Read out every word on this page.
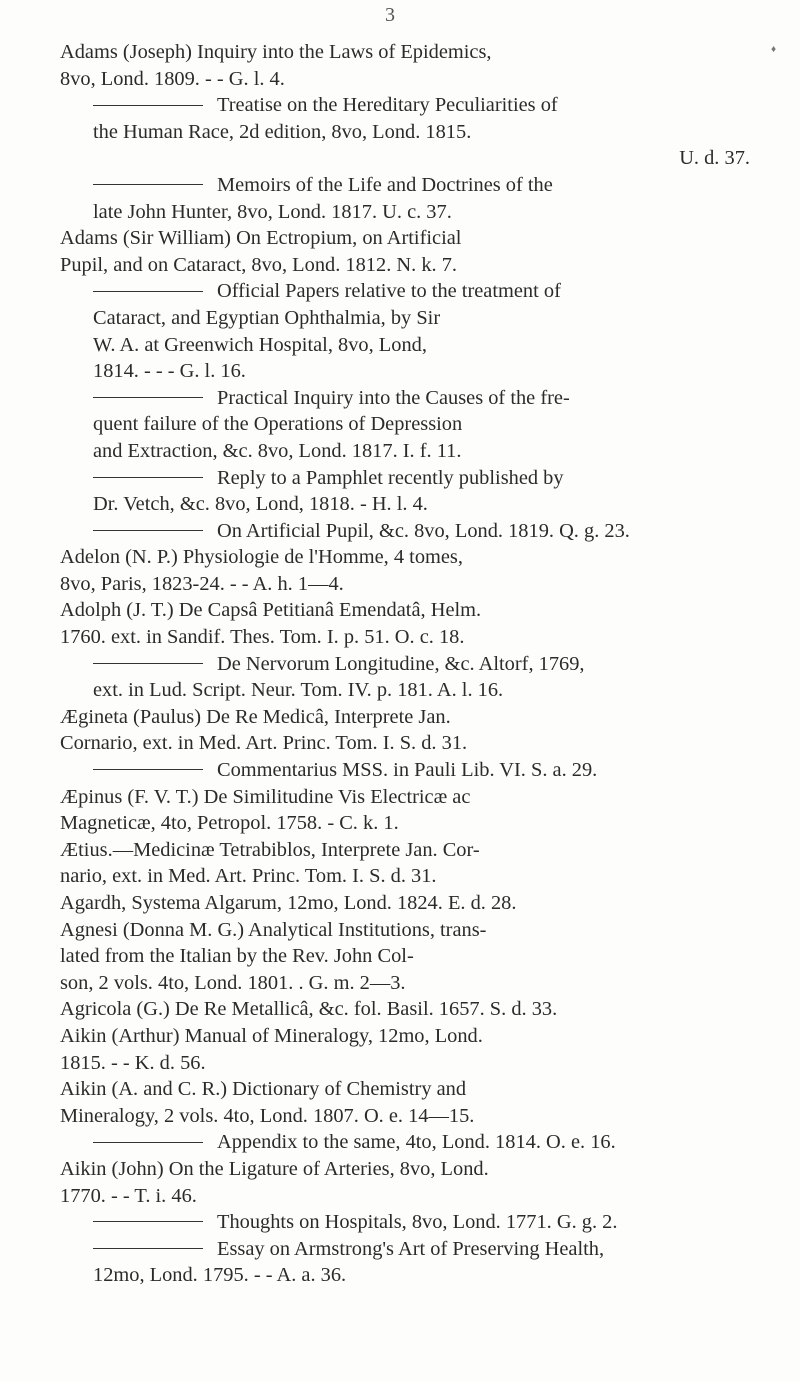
3
♦
Adams (Joseph) Inquiry into the Laws of Epidemics,
8vo, Lond. 1809. - - G. l. 4.
Treatise on the Hereditary Peculiarities of
the Human Race, 2d edition, 8vo, Lond. 1815.
U. d. 37.
Memoirs of the Life and Doctrines of the
late John Hunter, 8vo, Lond. 1817. U. c. 37.
Adams (Sir William) On Ectropium, on Artificial
Pupil, and on Cataract, 8vo, Lond. 1812. N. k. 7.
Official Papers relative to the treatment of
Cataract, and Egyptian Ophthalmia, by Sir
W. A. at Greenwich Hospital, 8vo, Lond,
1814. - - - G. l. 16.
Practical Inquiry into the Causes of the fre-
quent failure of the Operations of Depression
and Extraction, &c. 8vo, Lond. 1817. I. f. 11.
Reply to a Pamphlet recently published by
Dr. Vetch, &c. 8vo, Lond, 1818. - H. l. 4.
On Artificial Pupil, &c. 8vo, Lond. 1819. Q. g. 23.
Adelon (N. P.) Physiologie de l'Homme, 4 tomes,
8vo, Paris, 1823-24. - - A. h. 1—4.
Adolph (J. T.) De Capsâ Petitianâ Emendatâ, Helm.
1760. ext. in Sandif. Thes. Tom. I. p. 51. O. c. 18.
De Nervorum Longitudine, &c. Altorf, 1769,
ext. in Lud. Script. Neur. Tom. IV. p. 181. A. l. 16.
Ægineta (Paulus) De Re Medicâ, Interprete Jan.
Cornario, ext. in Med. Art. Princ. Tom. I. S. d. 31.
Commentarius MSS. in Pauli Lib. VI. S. a. 29.
Æpinus (F. V. T.) De Similitudine Vis Electricæ ac
Magneticæ, 4to, Petropol. 1758. - C. k. 1.
Ætius.—Medicinæ Tetrabiblos, Interprete Jan. Cor-
nario, ext. in Med. Art. Princ. Tom. I. S. d. 31.
Agardh, Systema Algarum, 12mo, Lond. 1824. E. d. 28.
Agnesi (Donna M. G.) Analytical Institutions, trans-
lated from the Italian by the Rev. John Col-
son, 2 vols. 4to, Lond. 1801. . G. m. 2—3.
Agricola (G.) De Re Metallicâ, &c. fol. Basil. 1657. S. d. 33.
Aikin (Arthur) Manual of Mineralogy, 12mo, Lond.
1815. - - K. d. 56.
Aikin (A. and C. R.) Dictionary of Chemistry and
Mineralogy, 2 vols. 4to, Lond. 1807. O. e. 14—15.
Appendix to the same, 4to, Lond. 1814. O. e. 16.
Aikin (John) On the Ligature of Arteries, 8vo, Lond.
1770. - - T. i. 46.
Thoughts on Hospitals, 8vo, Lond. 1771. G. g. 2.
Essay on Armstrong's Art of Preserving Health,
12mo, Lond. 1795. - - A. a. 36.
